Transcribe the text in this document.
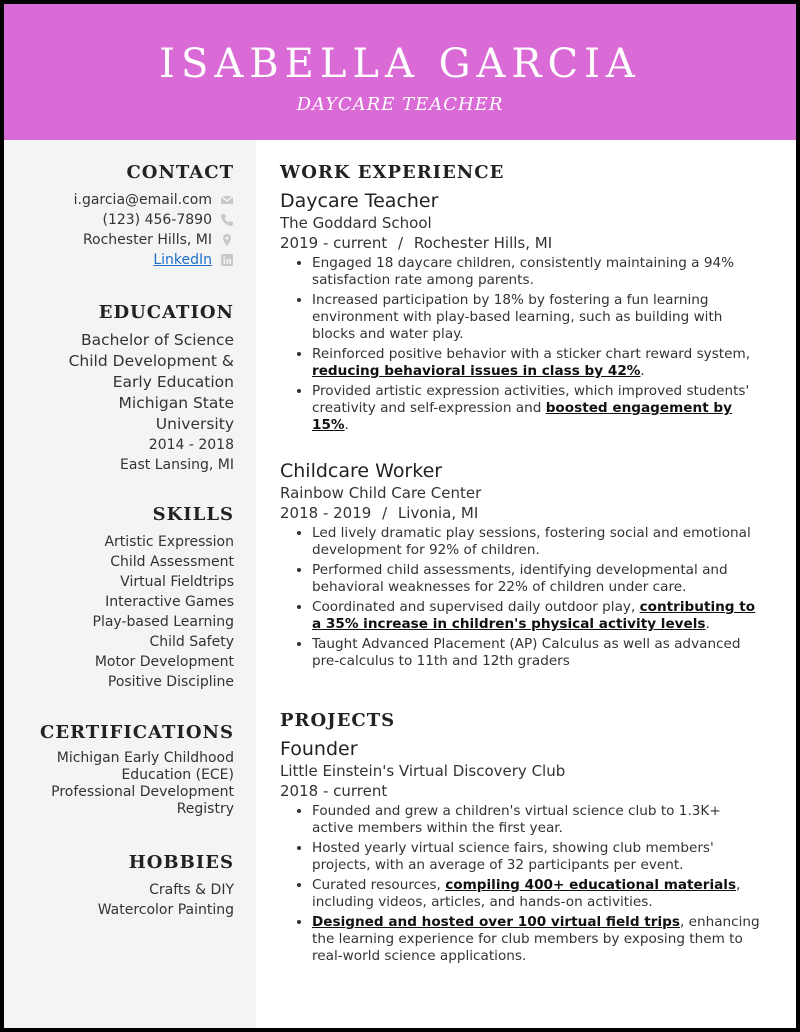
ISABELLA GARCIA
DAYCARE TEACHER
CONTACT
i.garcia@email.com
(123) 456-7890
Rochester Hills, MI
LinkedIn
EDUCATION
Bachelor of Science
Child Development &
Early Education
Michigan State
University
2014 - 2018
East Lansing, MI
SKILLS
Artistic Expression
Child Assessment
Virtual Fieldtrips
Interactive Games
Play-based Learning
Child Safety
Motor Development
Positive Discipline
CERTIFICATIONS
Michigan Early Childhood
Education (ECE)
Professional Development
Registry
HOBBIES
Crafts & DIY
Watercolor Painting
WORK EXPERIENCE
Daycare Teacher
The Goddard School
2019 - current / Rochester Hills, MI
• Engaged 18 daycare children, consistently maintaining a 94% satisfaction rate among parents.
• Increased participation by 18% by fostering a fun learning environment with play-based learning, such as building with blocks and water play.
• Reinforced positive behavior with a sticker chart reward system, reducing behavioral issues in class by 42%.
• Provided artistic expression activities, which improved students' creativity and self-expression and boosted engagement by 15%.
Childcare Worker
Rainbow Child Care Center
2018 - 2019 / Livonia, MI
• Led lively dramatic play sessions, fostering social and emotional development for 92% of children.
• Performed child assessments, identifying developmental and behavioral weaknesses for 22% of children under care.
• Coordinated and supervised daily outdoor play, contributing to a 35% increase in children's physical activity levels.
• Taught Advanced Placement (AP) Calculus as well as advanced pre-calculus to 11th and 12th graders
PROJECTS
Founder
Little Einstein's Virtual Discovery Club
2018 - current
• Founded and grew a children's virtual science club to 1.3K+ active members within the first year.
• Hosted yearly virtual science fairs, showing club members' projects, with an average of 32 participants per event.
• Curated resources, compiling 400+ educational materials, including videos, articles, and hands-on activities.
• Designed and hosted over 100 virtual field trips, enhancing the learning experience for club members by exposing them to real-world science applications.
